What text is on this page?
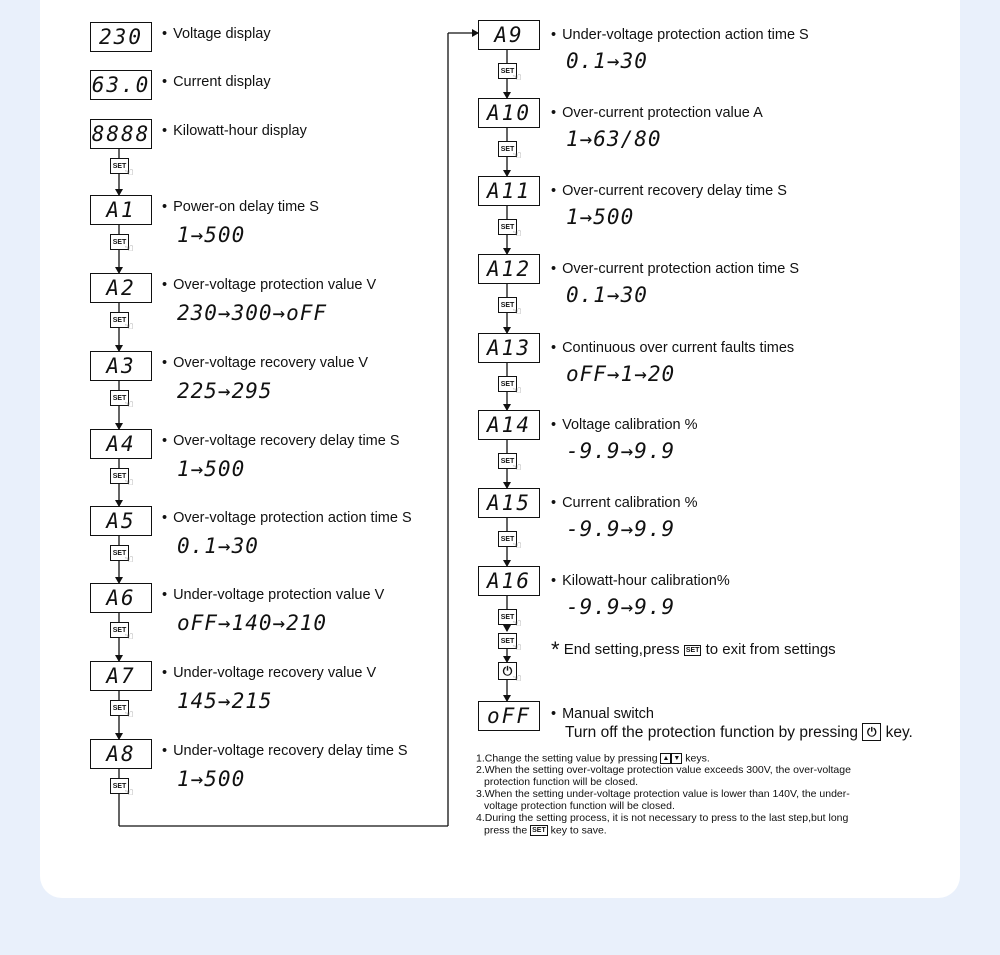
230	• Voltage display
63.0 • Current display
8888 • Kilowatt-hour display
A1	• Power-on delay time S
1→500
A2	• Over-voltage protection value V
230→300→oFF
A3	• Over-voltage recovery value V
225→295
A4	• Over-voltage recovery delay time S
1→500
A5	• Over-voltage protection action time S
0.1→30
A6	• Under-voltage protection value V
oFF→140→210
A7	• Under-voltage recovery value V
145→215
A8	• Under-voltage recovery delay time S
1→500
SET
☜
SET
☜
SET
☜
SET
☜
SET
☜
SET
☜
SET
☜
SET
☜
SET
☜
A9	• Under-voltage protection action time S
0.1→30
A10	• Over-current protection value A
1→63/80
A11	• Over-current recovery delay time S
1→500
A12	• Over-current protection action time S
0.1→30
A13	• Continuous over current faults times
oFF→1→20
A14	• Voltage calibration %
-9.9→9.9
A15	• Current calibration %
-9.9→9.9
A16	• Kilowatt-hour calibration%
-9.9→9.9
SET
☜
SET
☜
SET
☜
SET
☜
SET
☜
SET
☜
SET
☜
SET
☜
SET
☜
⏻
☜
* End setting,press SET to exit from settings
oFF	• Manual switch
Turn off the protection function by pressing ⏻ key.
1.Change the setting value by pressing ▲ ▼ keys.
2.When the setting over-voltage protection value exceeds 300V, the over-voltage
protection function will be closed.
3.When the setting under-voltage protection value is lower than 140V, the under-
voltage protection function will be closed.
4.During the setting process, it is not necessary to press to the last step,but long
press the SET key to save.
